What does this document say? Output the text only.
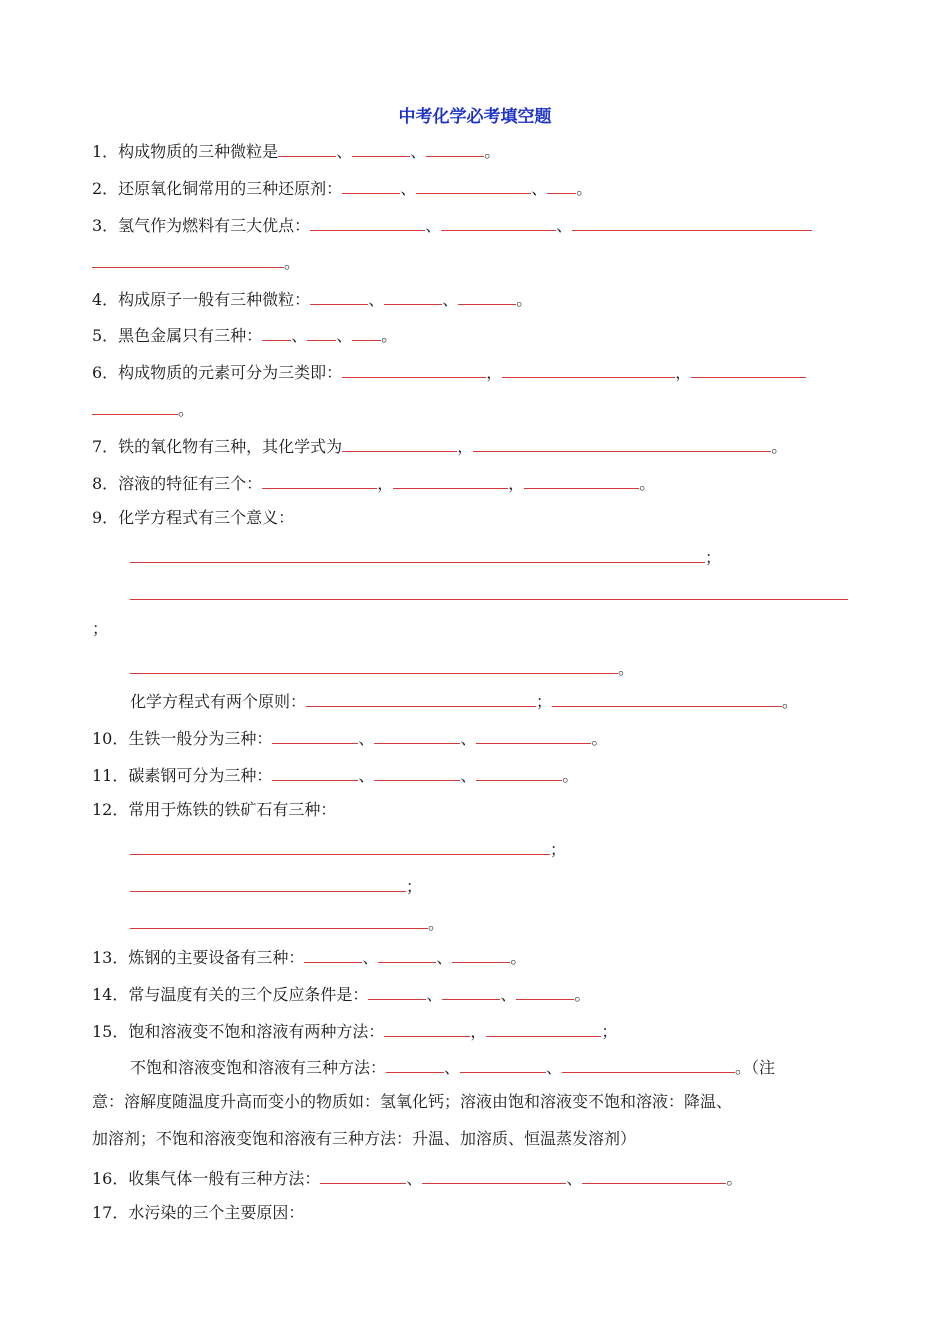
中考化学必考填空题
1．构成物质的三种微粒是	、	、	。
2．还原氧化铜常用的三种还原剂：	、	、 。
3．氢气作为燃料有三大优点：	、	、
。
4．构成原子一般有三种微粒：	、	、	。
5．黑色金属只有三种： 、 、 。
6．构成物质的元素可分为三类即：	，	，
。
7．铁的氧化物有三种，其化学式为	，	。
8．溶液的特征有三个：	，	，	。
9．化学方程式有三个意义：
；
；
。
化学方程式有两个原则：	；	。
10．生铁一般分为三种：	、	、	。
11．碳素钢可分为三种：	、	、	。
12．常用于炼铁的铁矿石有三种：
；
；
。
13．炼钢的主要设备有三种：	、	、	。
14．常与温度有关的三个反应条件是：	、	、	。
15．饱和溶液变不饱和溶液有两种方法：	，	；
不饱和溶液变饱和溶液有三种方法：	、	、	。（注
意：溶解度随温度升高而变小的物质如：氢氧化钙；溶液由饱和溶液变不饱和溶液：降温、
加溶剂；不饱和溶液变饱和溶液有三种方法：升温、加溶质、恒温蒸发溶剂）
16．收集气体一般有三种方法：	、	、	。
17．水污染的三个主要原因：
